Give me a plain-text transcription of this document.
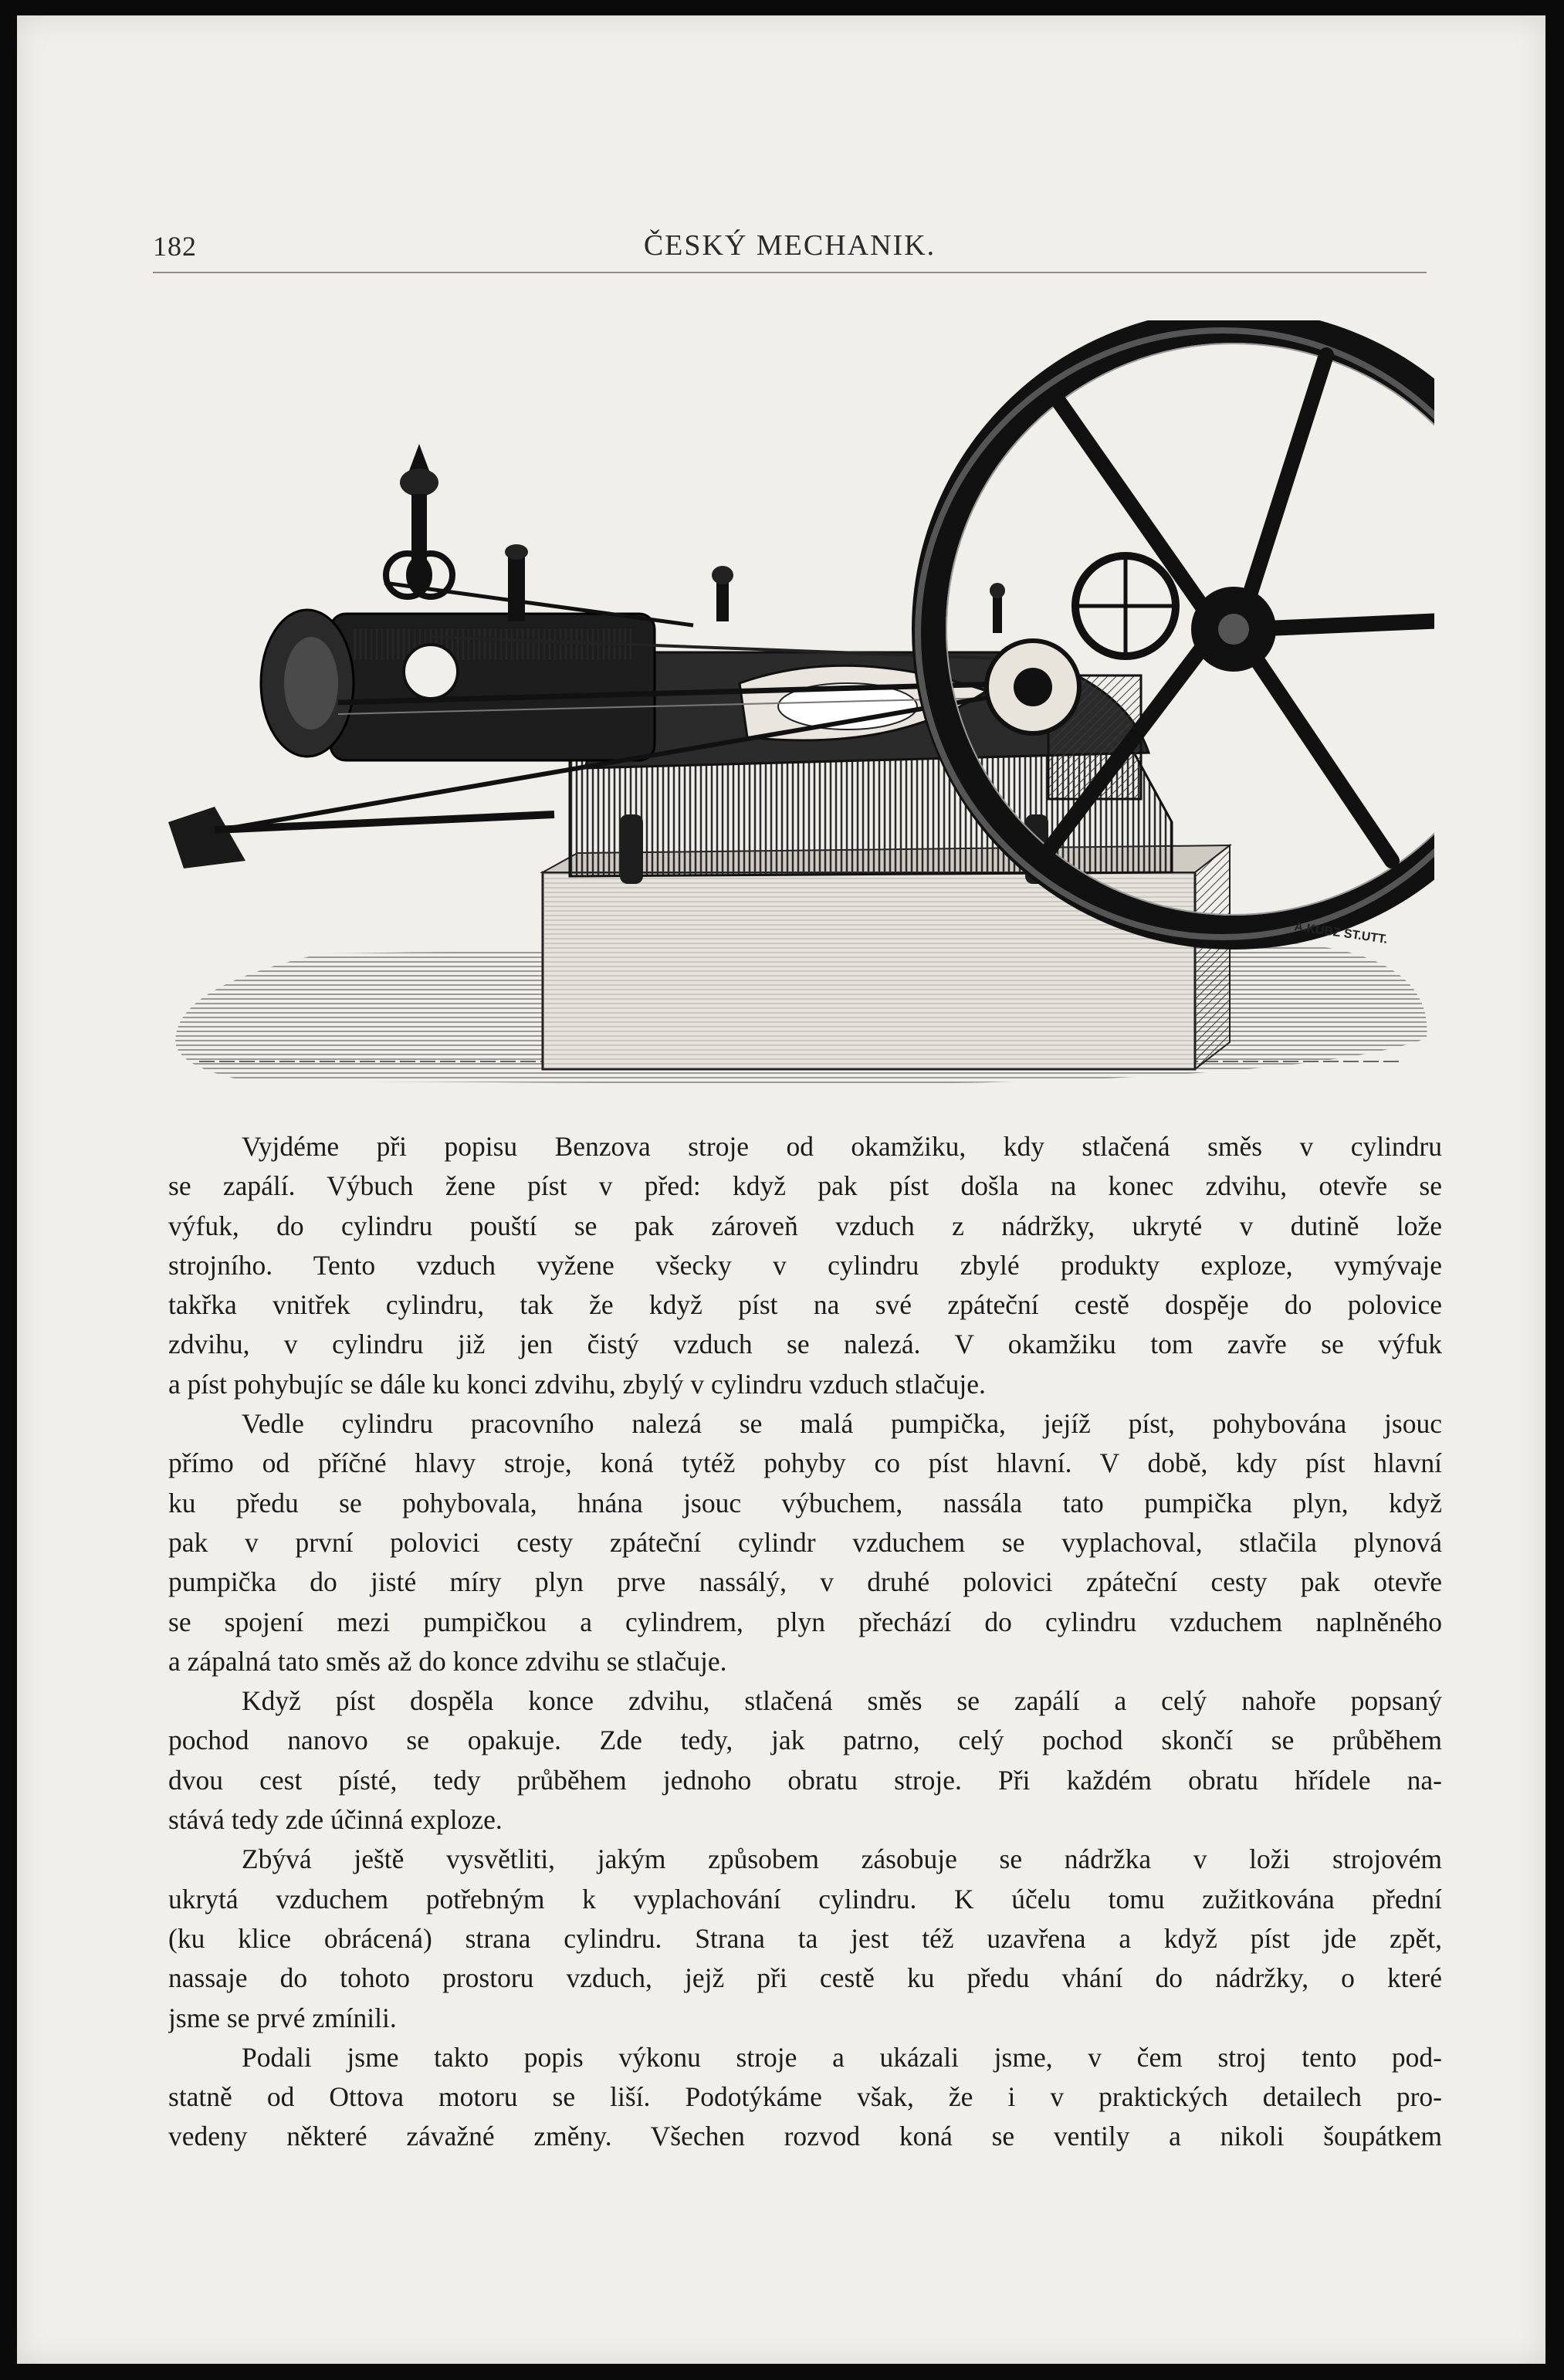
182	ČESKÝ MECHANIK.
A.KUBZ ST.UTT.
Vyjdéme při popisu Benzova stroje od okamžiku, kdy stlačená směs v cylindru
se zapálí. Výbuch žene píst v před: když pak píst došla na konec zdvihu, otevře se
výfuk, do cylindru pouští se pak zároveň vzduch z nádržky, ukryté v dutině lože
strojního. Tento vzduch vyžene všecky v cylindru zbylé produkty exploze, vymývaje
takřka vnitřek cylindru, tak že když píst na své zpáteční cestě dospěje do polovice
zdvihu, v cylindru již jen čistý vzduch se nalezá. V okamžiku tom zavře se výfuk
a píst pohybujíc se dále ku konci zdvihu, zbylý v cylindru vzduch stlačuje.
Vedle cylindru pracovního nalezá se malá pumpička, jejíž píst, pohybována jsouc
přímo od příčné hlavy stroje, koná tytéž pohyby co píst hlavní. V době, kdy píst hlavní
ku předu se pohybovala, hnána jsouc výbuchem, nassála tato pumpička plyn, když
pak v první polovici cesty zpáteční cylindr vzduchem se vyplachoval, stlačila plynová
pumpička do jisté míry plyn prve nassálý, v druhé polovici zpáteční cesty pak otevře
se spojení mezi pumpičkou a cylindrem, plyn přechází do cylindru vzduchem naplněného
a zápalná tato směs až do konce zdvihu se stlačuje.
Když píst dospěla konce zdvihu, stlačená směs se zapálí a celý nahoře popsaný
pochod nanovo se opakuje. Zde tedy, jak patrno, celý pochod skončí se průběhem
dvou cest písté, tedy průběhem jednoho obratu stroje. Při každém obratu hřídele na-
stává tedy zde účinná exploze.
Zbývá ještě vysvětliti, jakým způsobem zásobuje se nádržka v loži strojovém
ukrytá vzduchem potřebným k vyplachování cylindru. K účelu tomu zužitkována přední
(ku klice obrácená) strana cylindru. Strana ta jest též uzavřena a když píst jde zpět,
nassaje do tohoto prostoru vzduch, jejž při cestě ku předu vhání do nádržky, o které
jsme se prvé zmínili.
Podali jsme takto popis výkonu stroje a ukázali jsme, v čem stroj tento pod-
statně od Ottova motoru se liší. Podotýkáme však, že i v praktických detailech pro-
vedeny některé závažné změny. Všechen rozvod koná se ventily a nikoli šoupátkem
